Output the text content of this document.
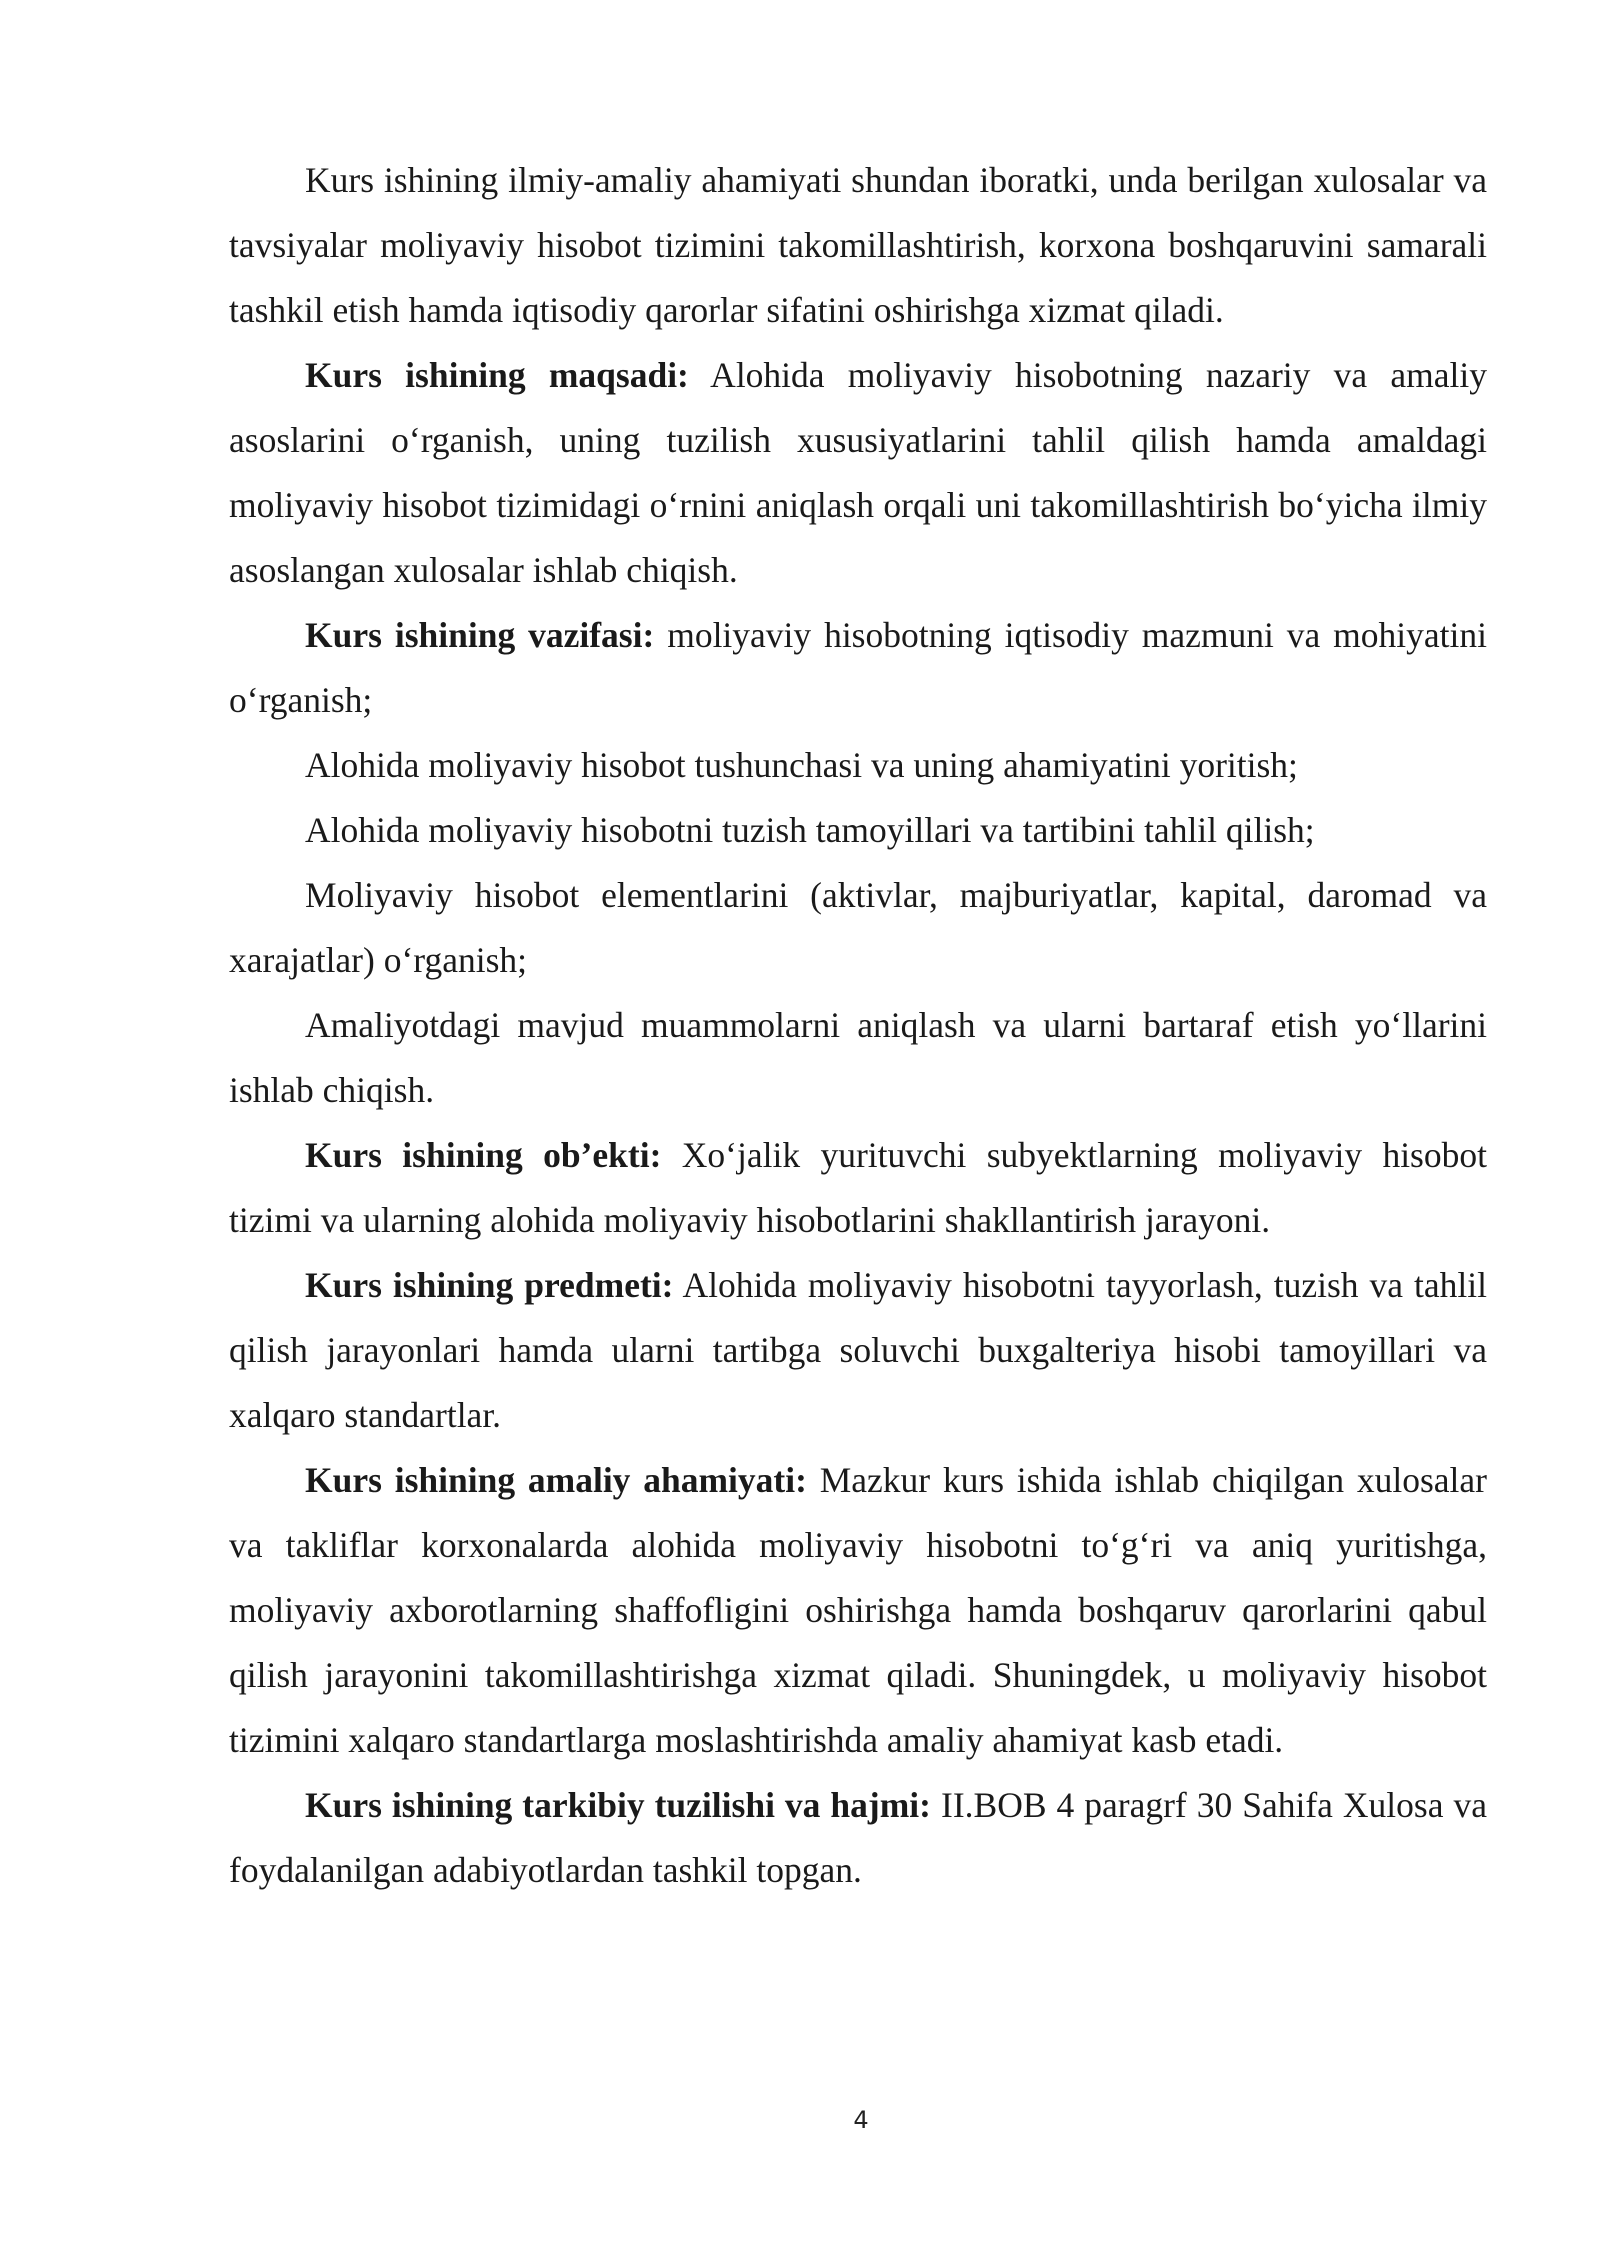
Kurs ishining ilmiy-amaliy ahamiyati shundan iboratki, unda berilgan xulosalar va tavsiyalar moliyaviy hisobot tizimini takomillashtirish, korxona boshqaruvini samarali tashkil etish hamda iqtisodiy qarorlar sifatini oshirishga xizmat qiladi.

Kurs ishining maqsadi: Alohida moliyaviy hisobotning nazariy va amaliy asoslarini o‘rganish, uning tuzilish xususiyatlarini tahlil qilish hamda amaldagi moliyaviy hisobot tizimidagi o‘rnini aniqlash orqali uni takomillashtirish bo‘yicha ilmiy asoslangan xulosalar ishlab chiqish.

Kurs ishining vazifasi: moliyaviy hisobotning iqtisodiy mazmuni va mohiyatini o‘rganish;

Alohida moliyaviy hisobot tushunchasi va uning ahamiyatini yoritish;

Alohida moliyaviy hisobotni tuzish tamoyillari va tartibini tahlil qilish;

Moliyaviy hisobot elementlarini (aktivlar, majburiyatlar, kapital, daromad va xarajatlar) o‘rganish;

Amaliyotdagi mavjud muammolarni aniqlash va ularni bartaraf etish yo‘llarini ishlab chiqish.

Kurs ishining ob’ekti: Xo‘jalik yurituvchi subyektlarning moliyaviy hisobot tizimi va ularning alohida moliyaviy hisobotlarini shakllantirish jarayoni.

Kurs ishining predmeti: Alohida moliyaviy hisobotni tayyorlash, tuzish va tahlil qilish jarayonlari hamda ularni tartibga soluvchi buxgalteriya hisobi tamoyillari va xalqaro standartlar.

Kurs ishining amaliy ahamiyati: Mazkur kurs ishida ishlab chiqilgan xulosalar va takliflar korxonalarda alohida moliyaviy hisobotni to‘g‘ri va aniq yuritishga, moliyaviy axborotlarning shaffofligini oshirishga hamda boshqaruv qarorlarini qabul qilish jarayonini takomillashtirishga xizmat qiladi. Shuningdek, u moliyaviy hisobot tizimini xalqaro standartlarga moslashtirishda amaliy ahamiyat kasb etadi.

Kurs ishining tarkibiy tuzilishi va hajmi: II.BOB 4 paragrf 30 Sahifa Xulosa va foydalanilgan adabiyotlardan tashkil topgan.

4
